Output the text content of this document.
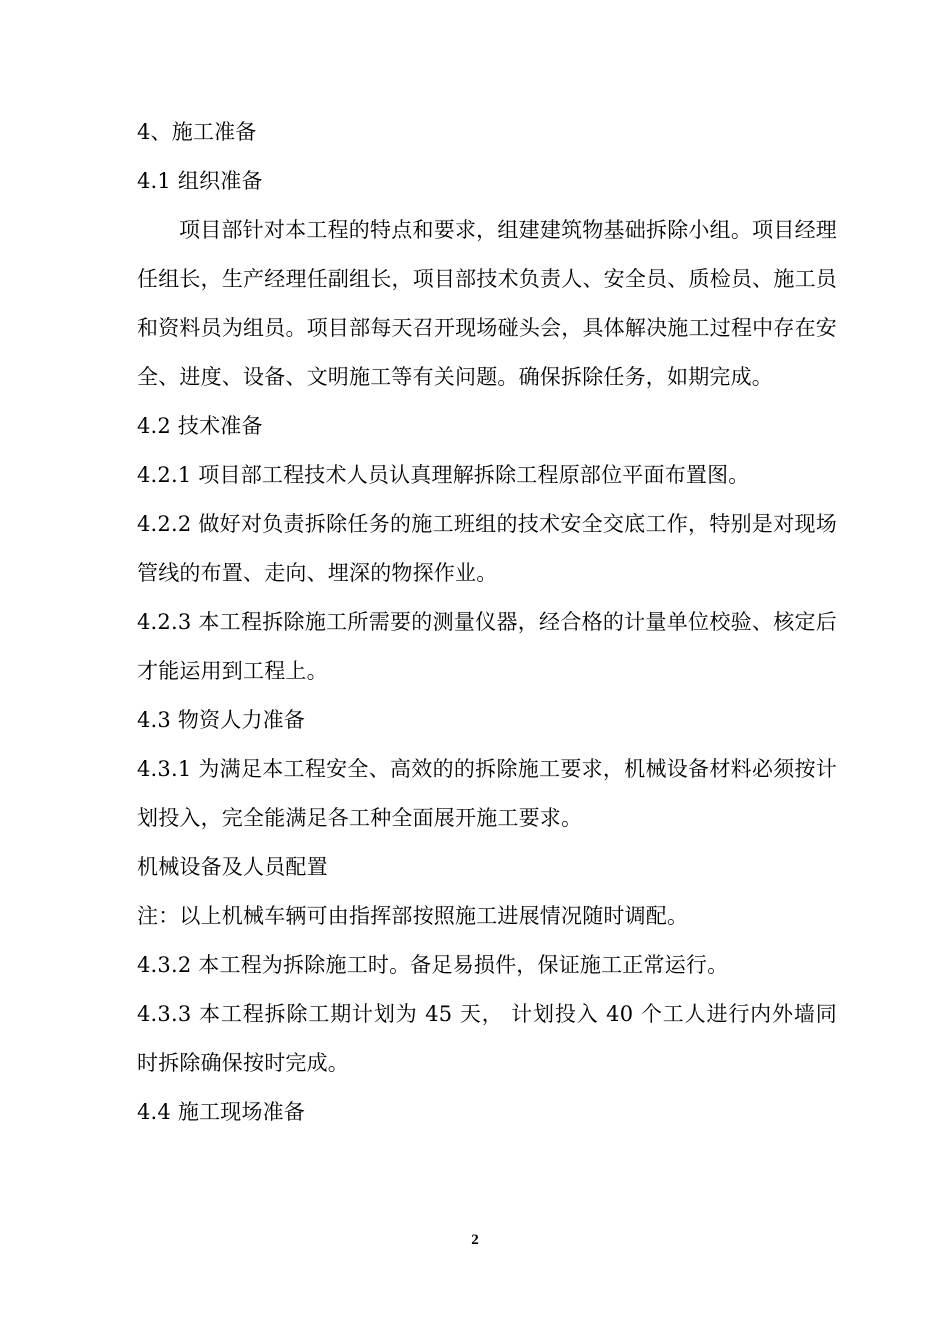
4、施工准备

4.1 组织准备

项目部针对本工程的特点和要求，组建建筑物基础拆除小组。项目经理任组长，生产经理任副组长，项目部技术负责人、安全员、质检员、施工员和资料员为组员。项目部每天召开现场碰头会，具体解决施工过程中存在安全、进度、设备、文明施工等有关问题。确保拆除任务，如期完成。

4.2 技术准备

4.2.1 项目部工程技术人员认真理解拆除工程原部位平面布置图。

4.2.2 做好对负责拆除任务的施工班组的技术安全交底工作，特别是对现场管线的布置、走向、埋深的物探作业。

4.2.3 本工程拆除施工所需要的测量仪器，经合格的计量单位校验、核定后才能运用到工程上。

4.3 物资人力准备

4.3.1 为满足本工程安全、高效的的拆除施工要求，机械设备材料必须按计划投入，完全能满足各工种全面展开施工要求。

机械设备及人员配置

注：以上机械车辆可由指挥部按照施工进展情况随时调配。

4.3.2 本工程为拆除施工时。备足易损件，保证施工正常运行。

4.3.3 本工程拆除工期计划为 45 天， 计划投入 40 个工人进行内外墙同时拆除确保按时完成。

4.4 施工现场准备

2
